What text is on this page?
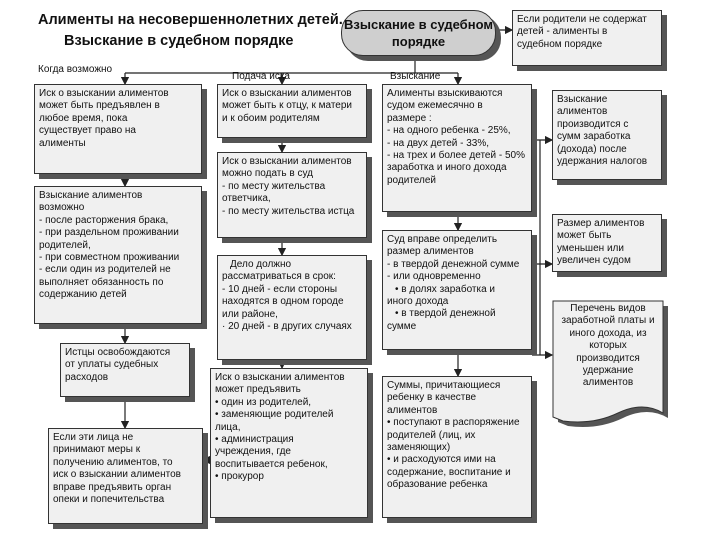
Алименты на несовершеннолетних детей.
Взыскание в судебном порядке
Взыскание в судебном порядке
Если родители не содержат
детей - алименты в
судебном порядке
Когда возможно
Подача иска	Взыскание
Иск о взыскании алиментов
может быть предъявлен в
любое время, пока
существует право на
алименты
Взыскание алиментов
возможно
- после расторжения брака,
- при раздельном проживании
родителей,
- при совместном проживании
- если один из родителей не
выполняет обязанность по
содержанию детей
Истцы освобождаются
от уплаты судебных
расходов
Если эти лица не
принимают меры к
получению алиментов, то
иск о взыскании алиментов
вправе предъявить орган
опеки и попечительства
Иск о взыскании алиментов
может быть к отцу, к матери
и к обоим родителям
Иск о взыскании алиментов
можно подать в суд
- по месту жительства
ответчика,
- по месту жительства истца
Дело должно
рассматриваться в срок:
- 10 дней - если стороны
находятся в одном городе
или районе,
· 20 дней - в других случаях
Иск о взыскании алиментов
может предъявить
• один из родителей,
• заменяющие родителей
лица,
• администрация
учреждения, где
воспитывается ребенок,
• прокурор
Алименты взыскиваются
судом ежемесячно в
размере :
- на одного ребенка - 25%,
- на двух детей - 33%,
- на трех и более детей - 50%
заработка и иного дохода
родителей
Суд вправе определить
размер алиментов
- в твердой денежной сумме
- или одновременно
• в долях заработка и
иного дохода
• в твердой денежной
сумме
Суммы, причитающиеся
ребенку в качестве
алиментов
• поступают в распоряжение
родителей (лиц, их
заменяющих)
• и расходуются ими на
содержание, воспитание и
образование ребенка
Взыскание
алиментов
производится с
сумм заработка
(дохода) после
удержания налогов
Размер алиментов
может быть
уменьшен или
увеличен судом
Перечень видов
заработной платы и
иного дохода, из
которых
производится
удержание
алиментов
